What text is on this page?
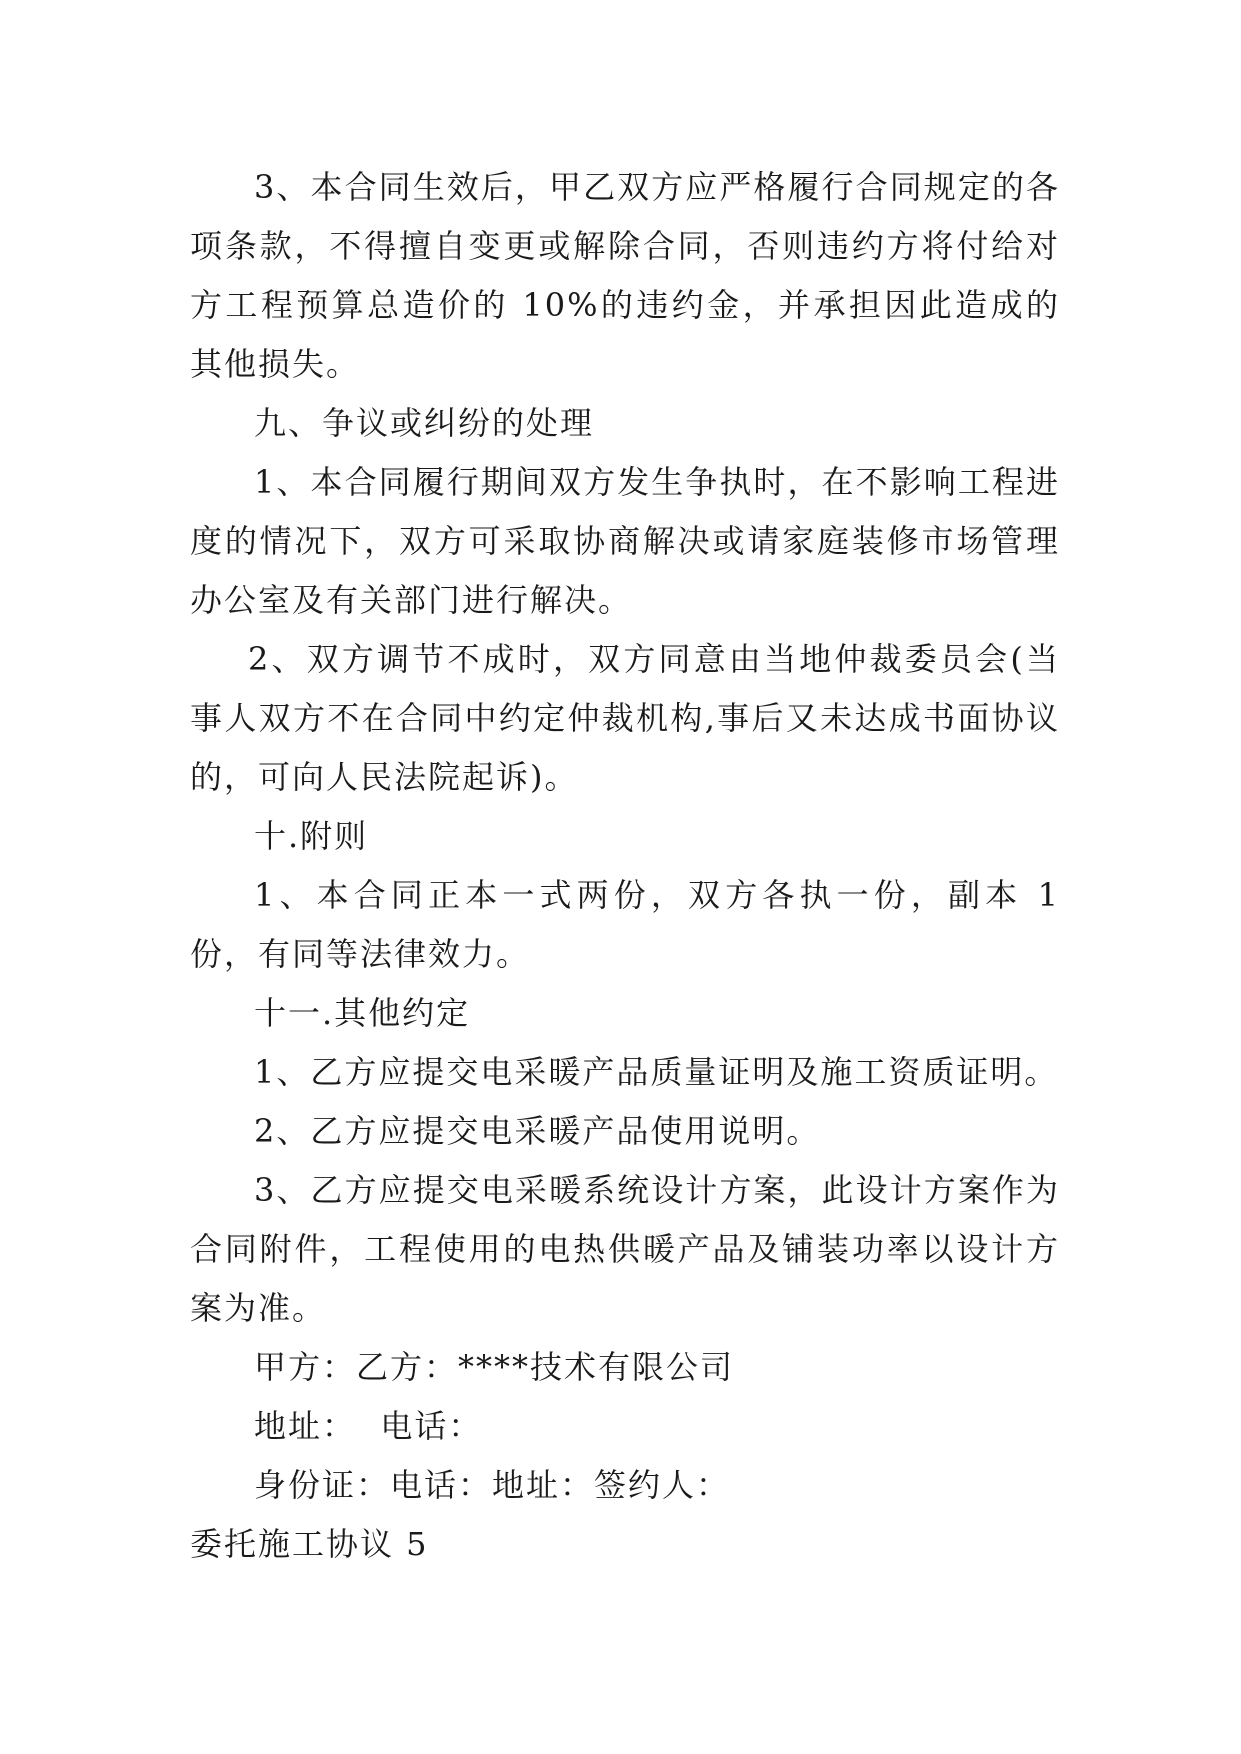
3、本合同生效后，甲乙双方应严格履行合同规定的各项条款，不得擅自变更或解除合同，否则违约方将付给对方工程预算总造价的 10%的违约金，并承担因此造成的其他损失。

九、争议或纠纷的处理

1、本合同履行期间双方发生争执时，在不影响工程进度的情况下，双方可采取协商解决或请家庭装修市场管理办公室及有关部门进行解决。

2、双方调节不成时，双方同意由当地仲裁委员会(当事人双方不在合同中约定仲裁机构,事后又未达成书面协议的，可向人民法院起诉)。

十.附则

1、本合同正本一式两份，双方各执一份，副本 1 份，有同等法律效力。

十一.其他约定

1、乙方应提交电采暖产品质量证明及施工资质证明。

2、乙方应提交电采暖产品使用说明。

3、乙方应提交电采暖系统设计方案，此设计方案作为合同附件，工程使用的电热供暖产品及铺装功率以设计方案为准。

甲方：乙方：****技术有限公司

地址：  电话：

身份证：电话：地址：签约人：

委托施工协议 5
